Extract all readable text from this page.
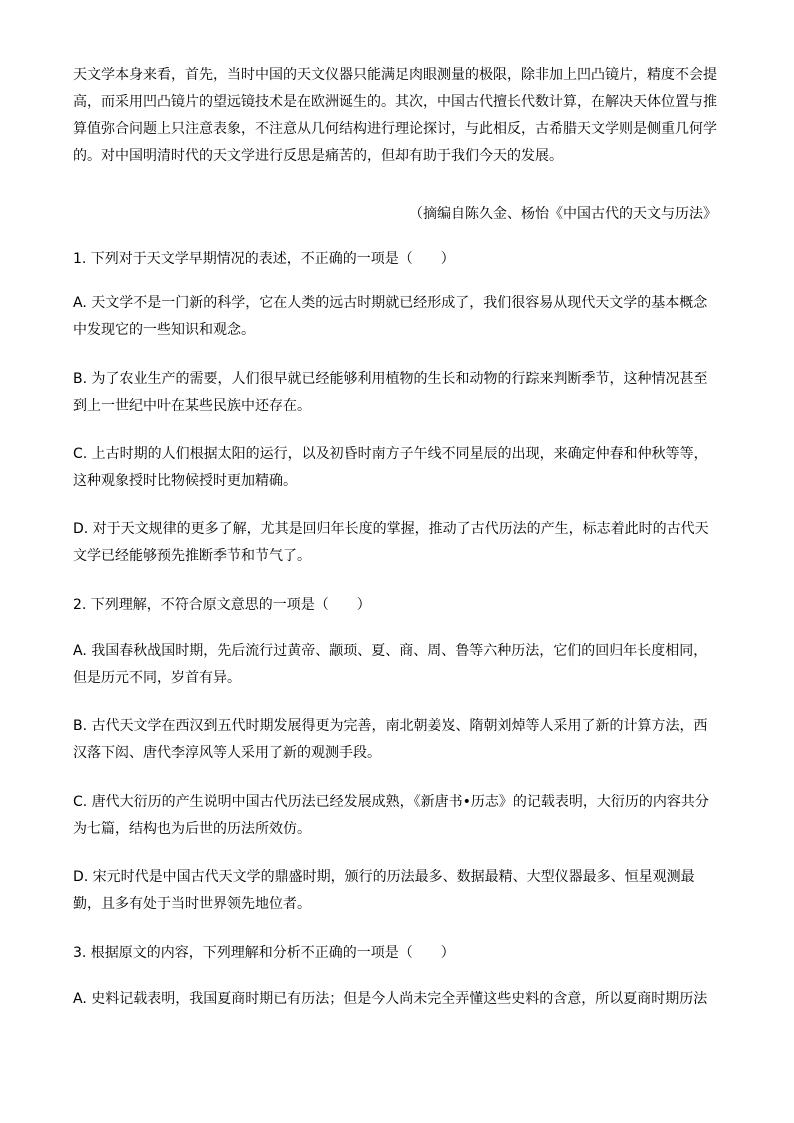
天文学本身来看，首先，当时中国的天文仪器只能满足肉眼测量的极限，除非加上凹凸镜片，精度不会提
高，而采用凹凸镜片的望远镜技术是在欧洲诞生的。其次，中国古代擅长代数计算，在解决天体位置与推
算值弥合问题上只注意表象，不注意从几何结构进行理论探讨，与此相反，古希腊天文学则是侧重几何学
的。对中国明清时代的天文学进行反思是痛苦的，但却有助于我们今天的发展。
（摘编自陈久金、杨怡《中国古代的天文与历法》
1. 下列对于天文学早期情况的表述，不正确的一项是（　　）
A. 天文学不是一门新的科学，它在人类的远古时期就已经形成了，我们很容易从现代天文学的基本概念
中发现它的一些知识和观念。
B. 为了农业生产的需要，人们很早就已经能够利用植物的生长和动物的行踪来判断季节，这种情况甚至
到上一世纪中叶在某些民族中还存在。
C. 上古时期的人们根据太阳的运行，以及初昏时南方子午线不同星辰的出现，来确定仲春和仲秋等等，
这种观象授时比物候授时更加精确。
D. 对于天文规律的更多了解，尤其是回归年长度的掌握，推动了古代历法的产生，标志着此时的古代天
文学已经能够预先推断季节和节气了。
2. 下列理解，不符合原文意思的一项是（　　）
A. 我国春秋战国时期，先后流行过黄帝、颛顼、夏、商、周、鲁等六种历法，它们的回归年长度相同，
但是历元不同，岁首有异。
B. 古代天文学在西汉到五代时期发展得更为完善，南北朝姜岌、隋朝刘焯等人采用了新的计算方法，西
汉落下闳、唐代李淳风等人采用了新的观测手段。
C. 唐代大衍历的产生说明中国古代历法已经发展成熟，《新唐书•历志》的记载表明，大衍历的内容共分
为七篇，结构也为后世的历法所效仿。
D. 宋元时代是中国古代天文学的鼎盛时期，颁行的历法最多、数据最精、大型仪器最多、恒星观测最
勤，且多有处于当时世界领先地位者。
3. 根据原文的内容，下列理解和分析不正确的一项是（　　）
A. 史料记载表明，我国夏商时期已有历法；但是今人尚未完全弄懂这些史料的含意，所以夏商时期历法
